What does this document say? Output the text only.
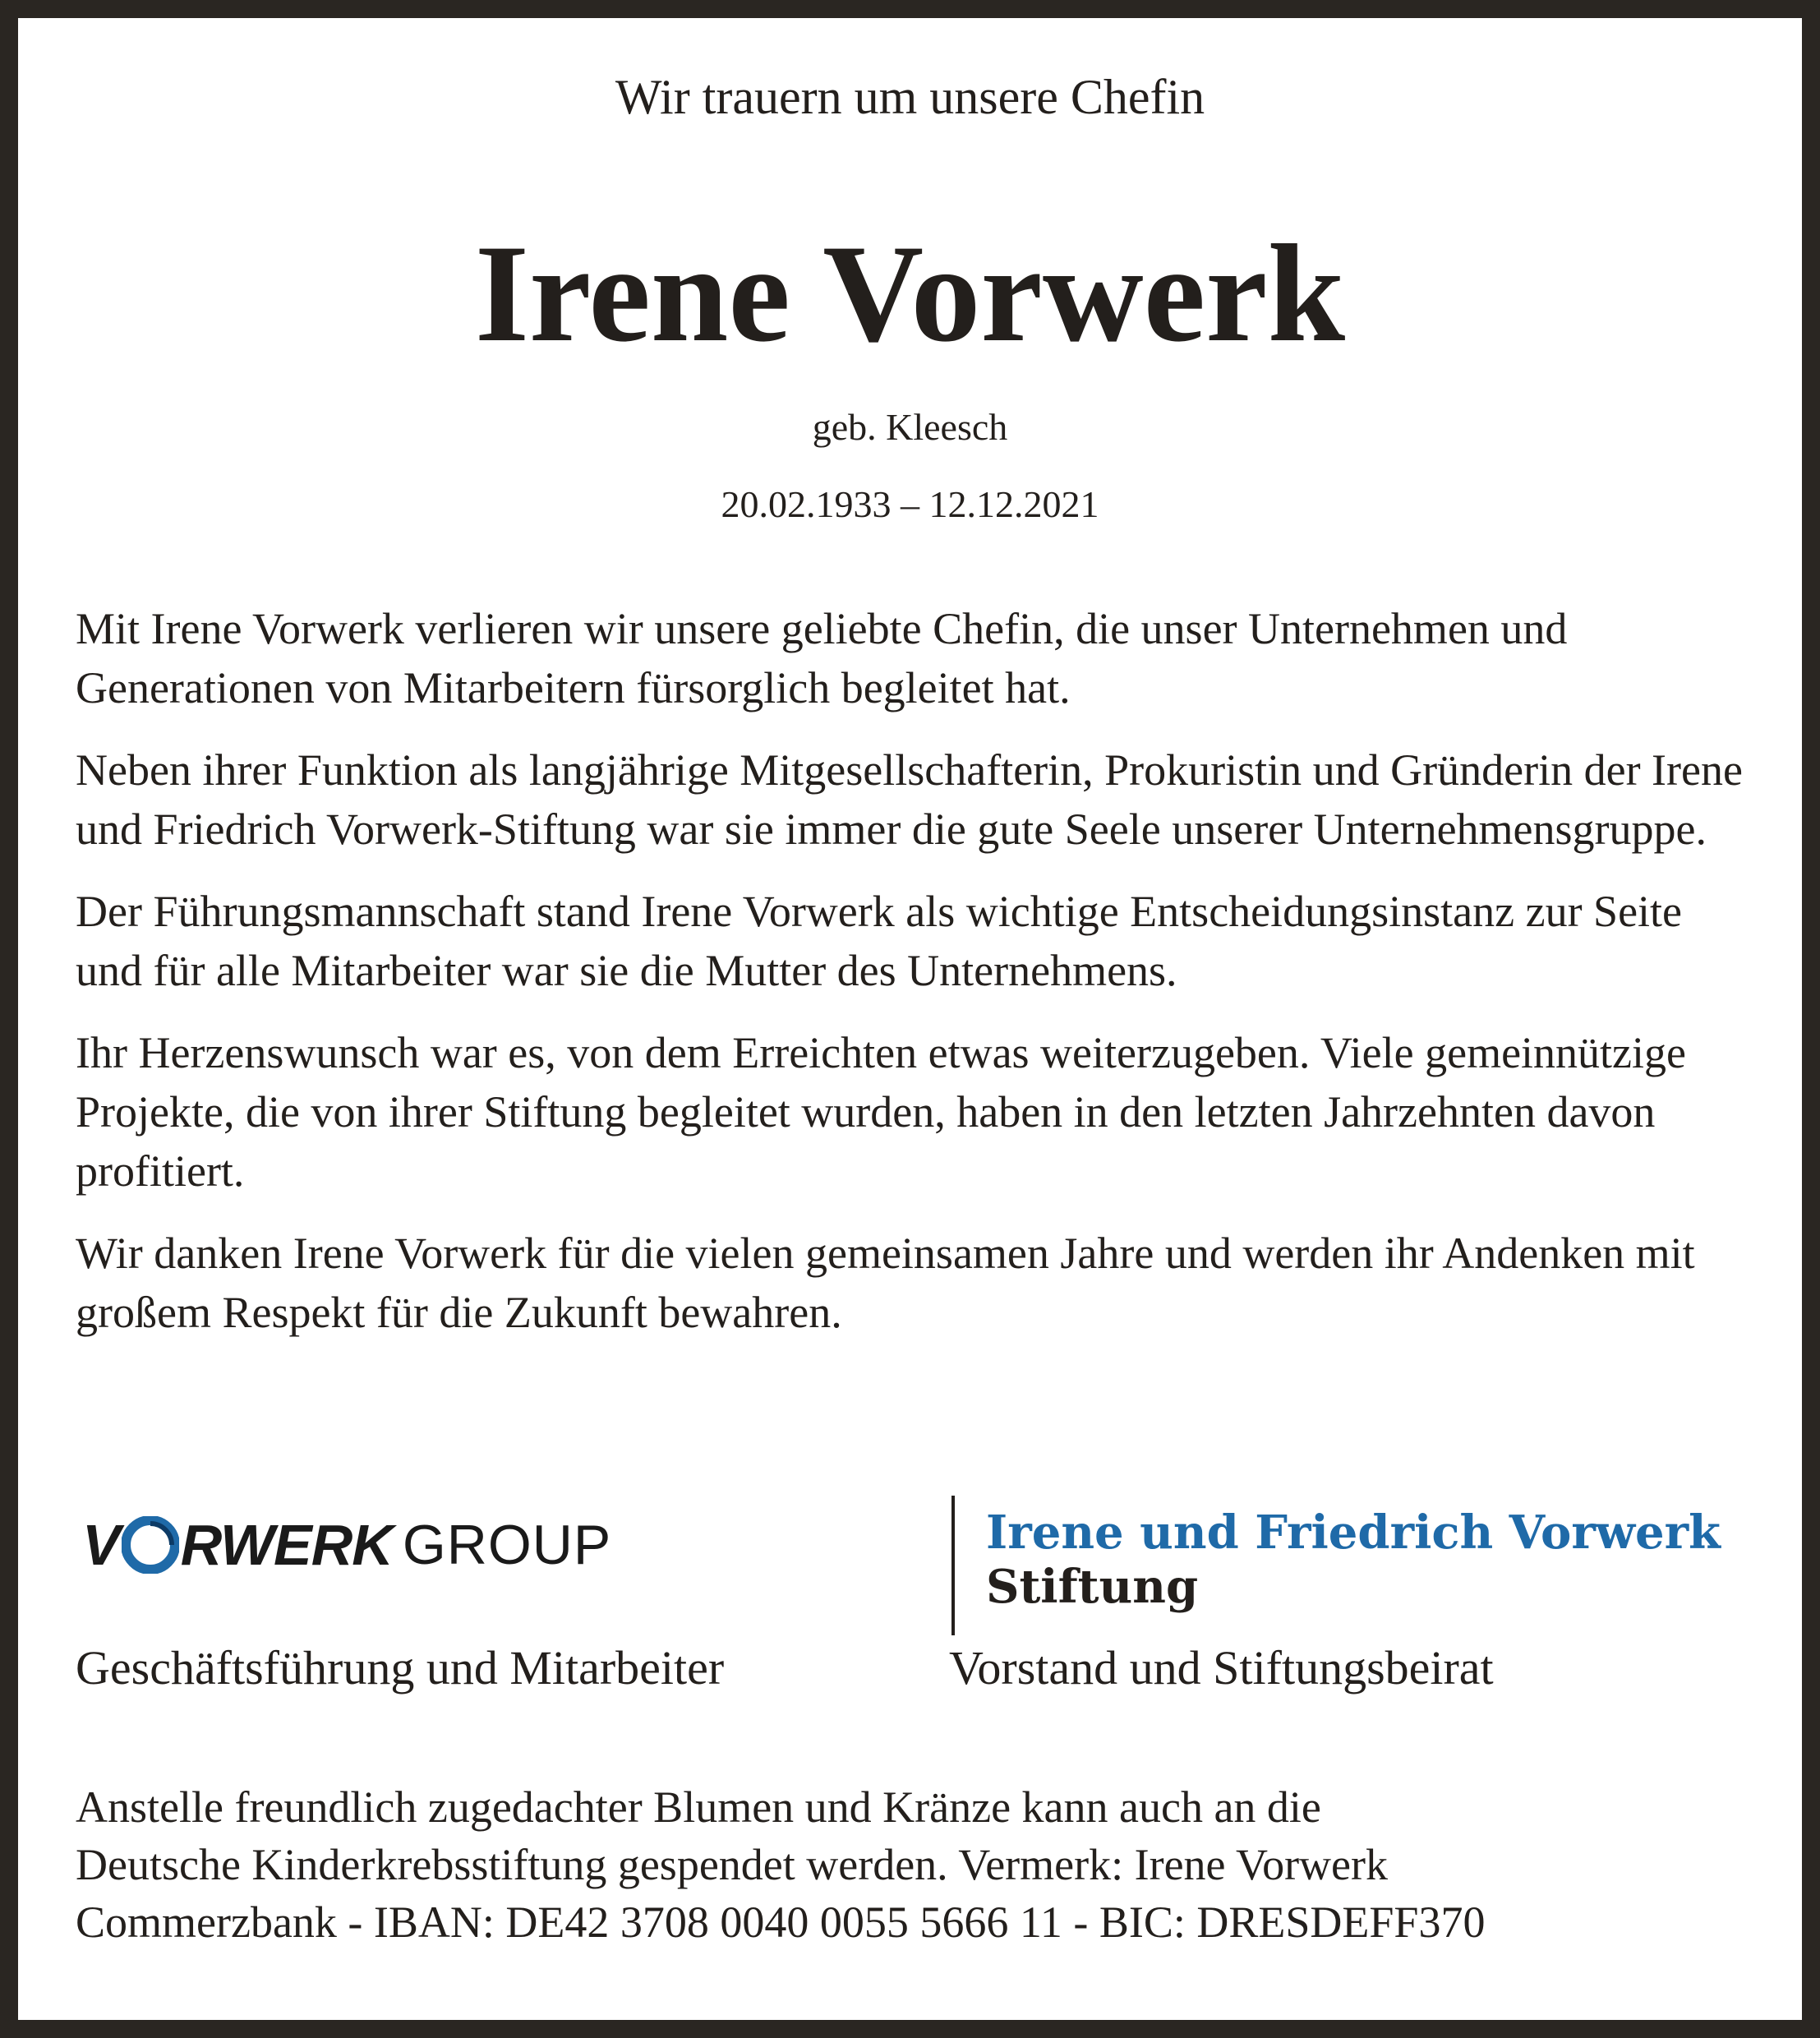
Wir trauern um unsere Chefin
Irene Vorwerk
geb. Kleesch
20.02.1933 – 12.12.2021

Mit Irene Vorwerk verlieren wir unsere geliebte Chefin, die unser Unternehmen und Generationen von Mitarbeitern fürsorglich begleitet hat.

Neben ihrer Funktion als langjährige Mitgesellschafterin, Prokuristin und Gründerin der Irene und Friedrich Vorwerk-Stiftung war sie immer die gute Seele unserer Unternehmensgruppe.

Der Führungsmannschaft stand Irene Vorwerk als wichtige Entscheidungsinstanz zur Seite und für alle Mitarbeiter war sie die Mutter des Unternehmens.

Ihr Herzenswunsch war es, von dem Erreichten etwas weiterzugeben. Viele gemeinnützige Projekte, die von ihrer Stiftung begleitet wurden, haben in den letzten Jahrzehnten davon profitiert.

Wir danken Irene Vorwerk für die vielen gemeinsamen Jahre und werden ihr Andenken mit großem Respekt für die Zukunft bewahren.

V RWERK GROUP	Irene und Friedrich Vorwerk
Stiftung
Geschäftsführung und Mitarbeiter	Vorstand und Stiftungsbeirat
Anstelle freundlich zugedachter Blumen und Kränze kann auch an die
Deutsche Kinderkrebsstiftung gespendet werden. Vermerk: Irene Vorwerk
Commerzbank - IBAN: DE42 3708 0040 0055 5666 11 - BIC: DRESDEFF370
